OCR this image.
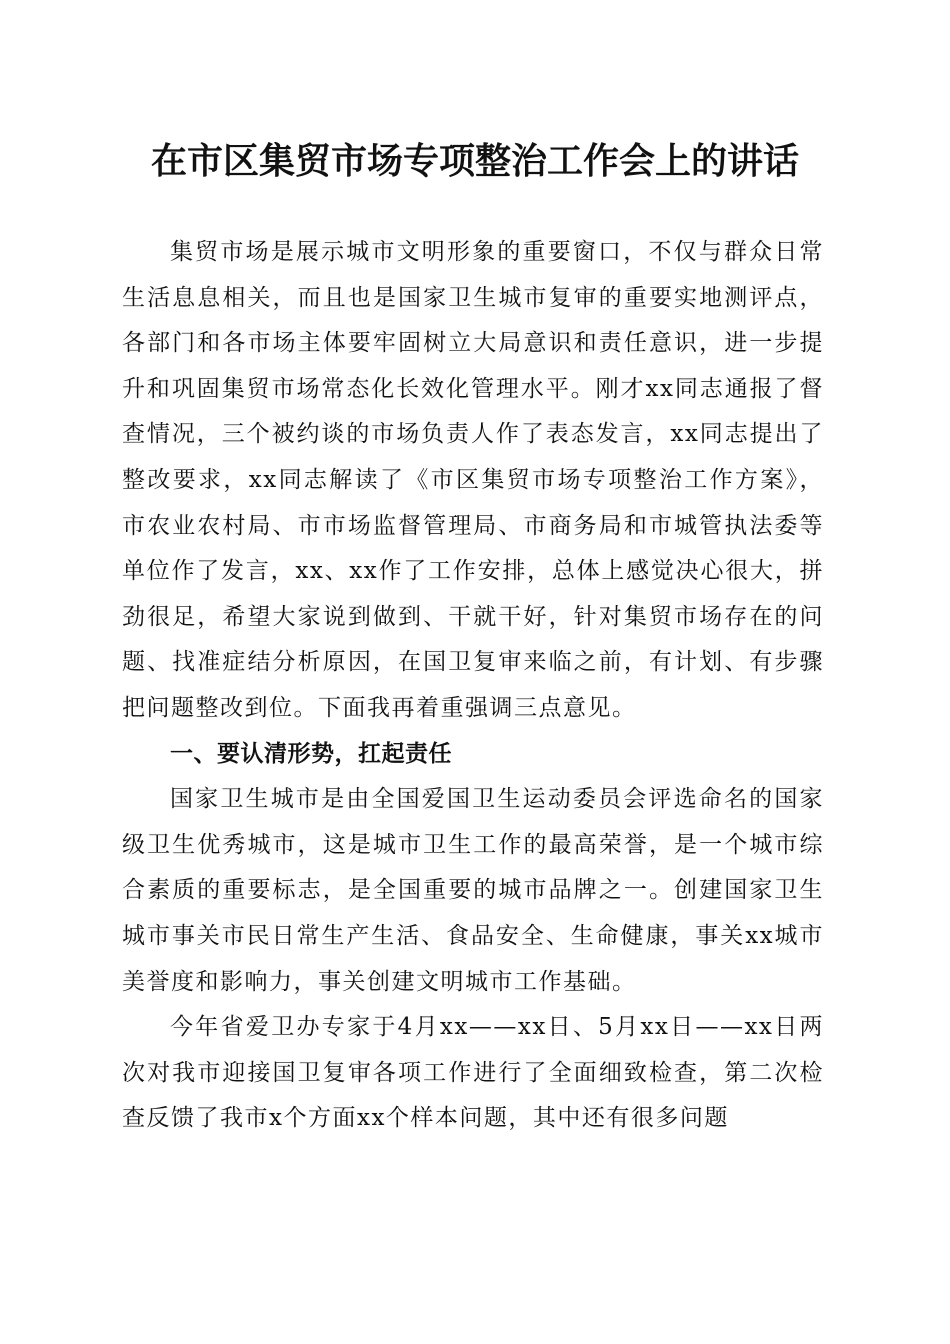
在市区集贸市场专项整治工作会上的讲话

集贸市场是展示城市文明形象的重要窗口，不仅与群众日常生活息息相关，而且也是国家卫生城市复审的重要实地测评点，各部门和各市场主体要牢固树立大局意识和责任意识，进一步提升和巩固集贸市场常态化长效化管理水平。刚才xx同志通报了督查情况，三个被约谈的市场负责人作了表态发言，xx同志提出了整改要求，xx同志解读了《市区集贸市场专项整治工作方案》，市农业农村局、市市场监督管理局、市商务局和市城管执法委等单位作了发言，xx、xx作了工作安排，总体上感觉决心很大，拼劲很足，希望大家说到做到、干就干好，针对集贸市场存在的问题、找准症结分析原因，在国卫复审来临之前，有计划、有步骤把问题整改到位。下面我再着重强调三点意见。

一、要认清形势，扛起责任

国家卫生城市是由全国爱国卫生运动委员会评选命名的国家级卫生优秀城市，这是城市卫生工作的最高荣誉，是一个城市综合素质的重要标志，是全国重要的城市品牌之一。创建国家卫生城市事关市民日常生产生活、食品安全、生命健康，事关xx城市美誉度和影响力，事关创建文明城市工作基础。

今年省爱卫办专家于4月xx——xx日、5月xx日——xx日两次对我市迎接国卫复审各项工作进行了全面细致检查，第二次检查反馈了我市x个方面xx个样本问题，其中还有很多问题
